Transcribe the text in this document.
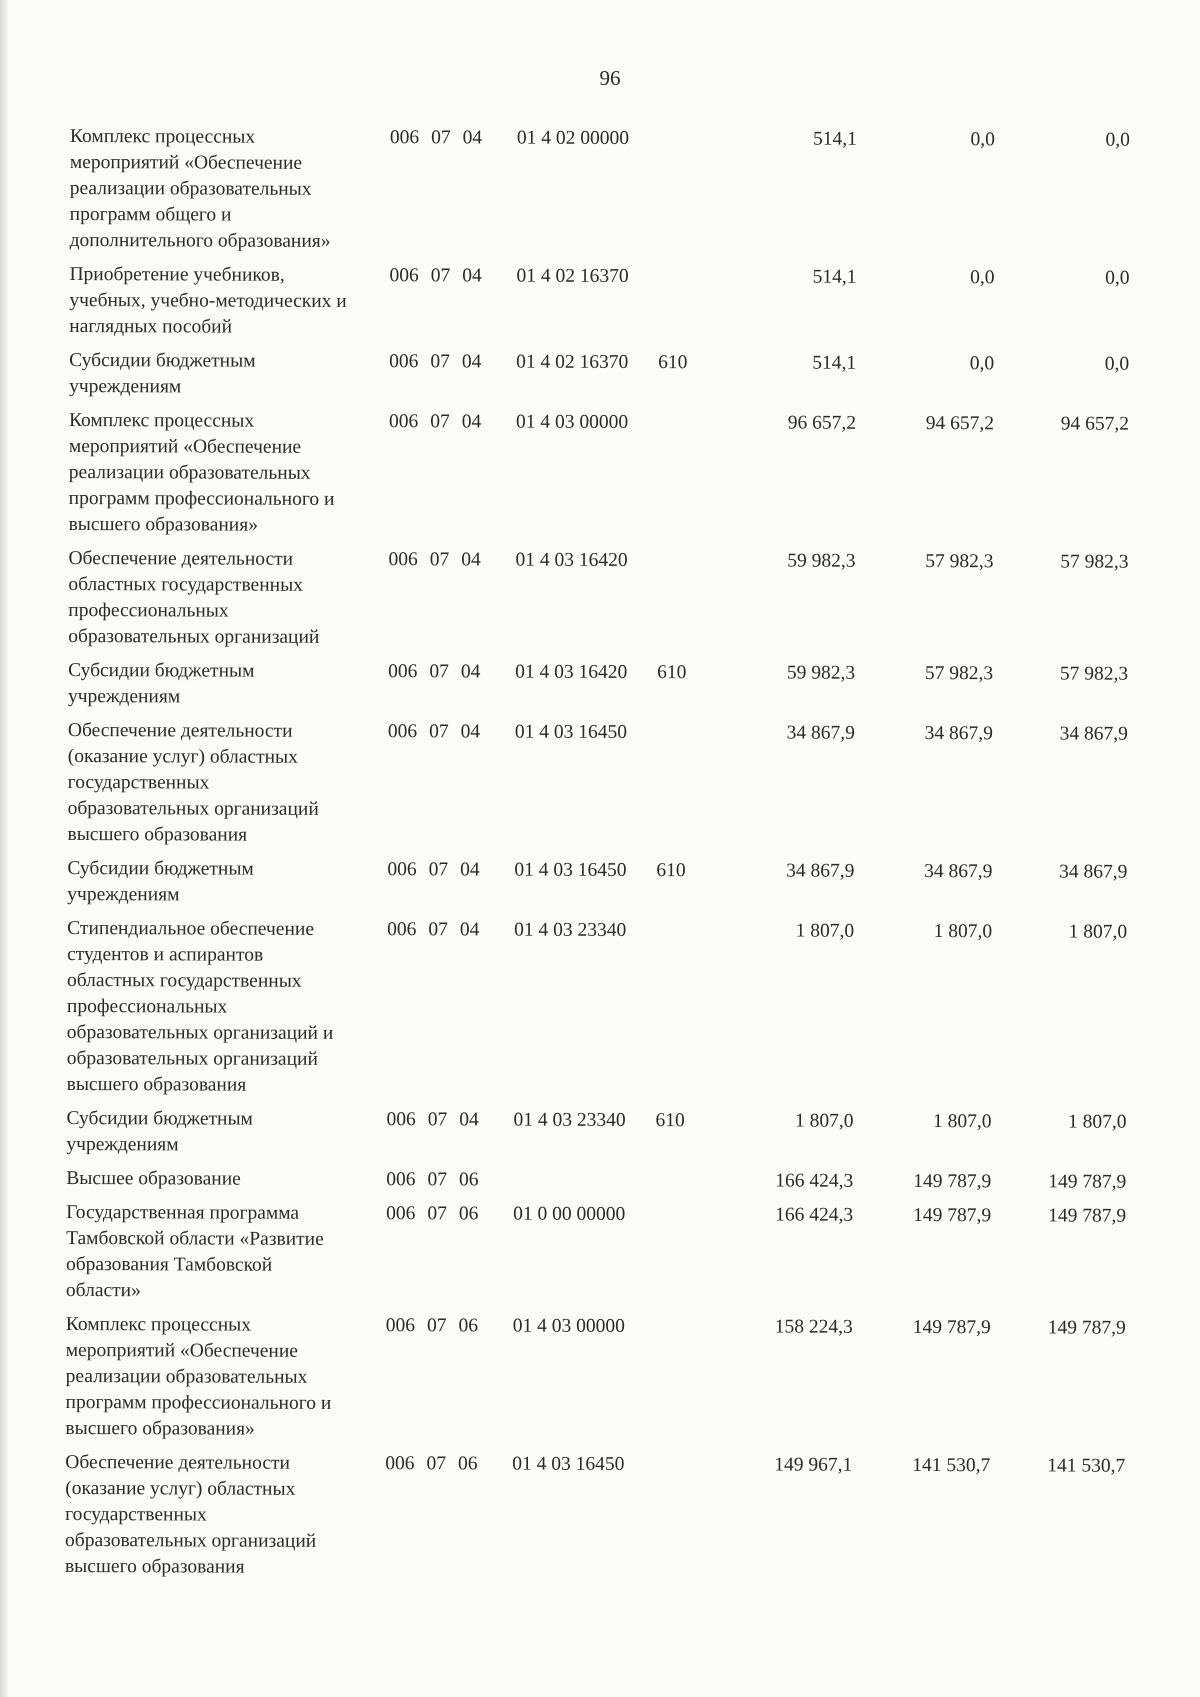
96
Комплекс процессных
мероприятий «Обеспечение
реализации образовательных
программ общего и
дополнительного образования»
006 07 04 01 4 02 00000	514,1	0,0	0,0
Приобретение учебников,
учебных, учебно-методических и
наглядных пособий
006 07 04 01 4 02 16370	514,1	0,0	0,0
Субсидии бюджетным
учреждениям
006 07 04 01 4 02 16370	610	514,1	0,0	0,0
Комплекс процессных
мероприятий «Обеспечение
реализации образовательных
программ профессионального и
высшего образования»
006 07 04 01 4 03 00000	96 657,2	94 657,2	94 657,2
Обеспечение деятельности
областных государственных
профессиональных
образовательных организаций
006 07 04 01 4 03 16420	59 982,3	57 982,3	57 982,3
Субсидии бюджетным
учреждениям
006 07 04 01 4 03 16420	610	59 982,3	57 982,3	57 982,3
Обеспечение деятельности
(оказание услуг) областных
государственных
образовательных организаций
высшего образования
006 07 04 01 4 03 16450	34 867,9	34 867,9	34 867,9
Субсидии бюджетным
учреждениям
006 07 04 01 4 03 16450	610	34 867,9	34 867,9	34 867,9
Стипендиальное обеспечение
студентов и аспирантов
областных государственных
профессиональных
образовательных организаций и
образовательных организаций
высшего образования
006 07 04 01 4 03 23340	1 807,0	1 807,0	1 807,0
Субсидии бюджетным
учреждениям
006 07 04 01 4 03 23340	610	1 807,0	1 807,0	1 807,0
Высшее образование	006 07 06	166 424,3	149 787,9	149 787,9
Государственная программа
Тамбовской области «Развитие
образования Тамбовской
области»
006 07 06 01 0 00 00000	166 424,3	149 787,9	149 787,9
Комплекс процессных
мероприятий «Обеспечение
реализации образовательных
программ профессионального и
высшего образования»
006 07 06 01 4 03 00000	158 224,3	149 787,9	149 787,9
Обеспечение деятельности
(оказание услуг) областных
государственных
образовательных организаций
высшего образования
006 07 06 01 4 03 16450	149 967,1	141 530,7	141 530,7
